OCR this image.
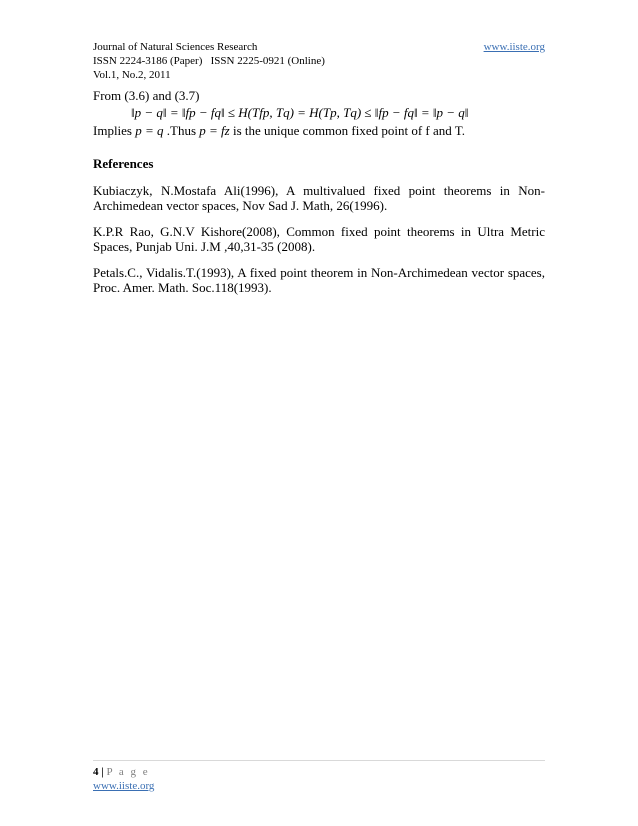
Journal of Natural Sciences Research	www.iiste.org
ISSN 2224-3186 (Paper)   ISSN 2225-0921 (Online)
Vol.1, No.2, 2011
From (3.6) and (3.7)
‖p − q‖ = ‖fp − fq‖ ≤ H(Tfp, Tq) = H(Tp, Tq) ≤ ‖fp − fq‖ = ‖p − q‖
Implies p = q .Thus p = fz is the unique common fixed point of f and T.
References

Kubiaczyk, N.Mostafa Ali(1996), A multivalued fixed point theorems in Non-Archimedean vector spaces, Nov Sad J. Math, 26(1996).

K.P.R Rao, G.N.V Kishore(2008), Common fixed point theorems in Ultra Metric Spaces, Punjab Uni. J.M ,40,31-35 (2008).

Petals.C., Vidalis.T.(1993), A fixed point theorem in Non-Archimedean vector spaces, Proc. Amer. Math. Soc.118(1993).

4 | P a g e
www.iiste.org
